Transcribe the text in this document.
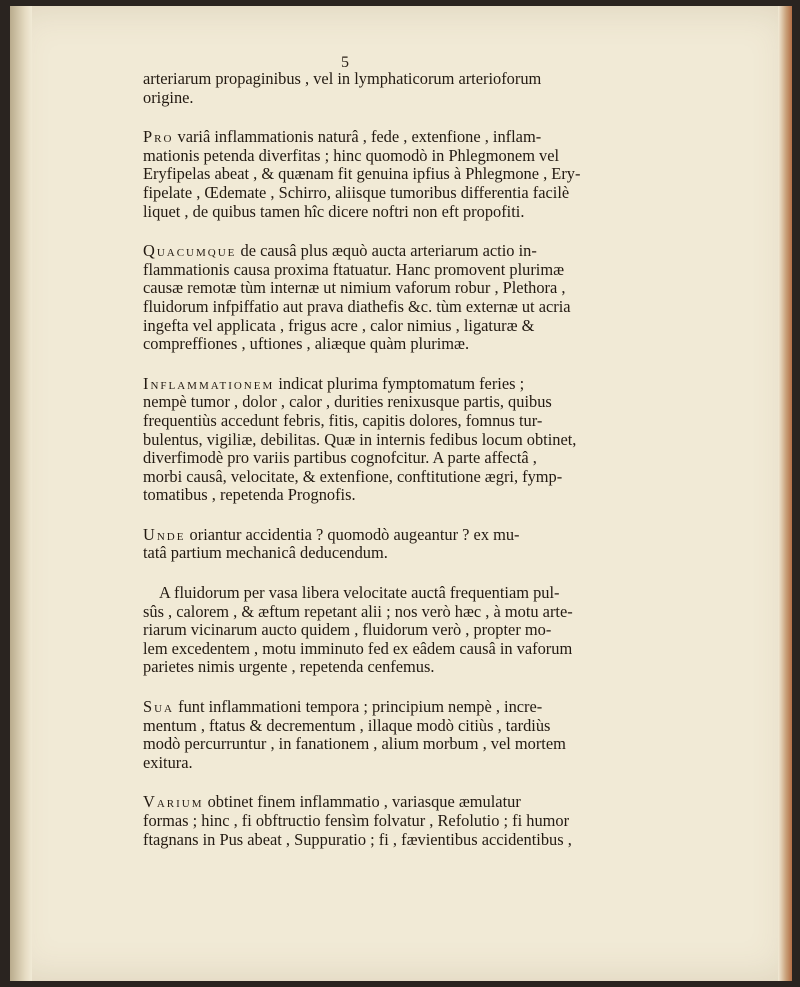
5

arteriarum propaginibus , vel in lymphaticorum arterioforum
origine.

Pro variâ inflammationis naturâ , fede , extenfione , inflam-
mationis petenda diverfitas ; hinc quomodò in Phlegmonem vel
Eryfipelas abeat , & quænam fit genuina ipfius à Phlegmone , Ery-
fipelate , Œdemate , Schirro, aliisque tumoribus differentia facilè
liquet , de quibus tamen hîc dicere noftri non eft propofiti.

Quacumque de causâ plus æquò aucta arteriarum actio in-
flammationis causa proxima ftatuatur. Hanc promovent plurimæ
causæ remotæ tùm internæ ut nimium vaforum robur , Plethora ,
fluidorum infpiffatio aut prava diathefis &c. tùm externæ ut acria
ingefta vel applicata , frigus acre , calor nimius , ligaturæ &
compreffiones , uftiones , aliæque quàm plurimæ.

Inflammationem indicat plurima fymptomatum feries ;
nempè tumor , dolor , calor , durities renixusque partis, quibus
frequentiùs accedunt febris, fitis, capitis dolores, fomnus tur-
bulentus, vigiliæ, debilitas. Quæ in internis fedibus locum obtinet,
diverfimodè pro variis partibus cognofcitur. A parte affectâ ,
morbi causâ, velocitate, & extenfione, conftitutione ægri, fymp-
tomatibus , repetenda Prognofis.

Unde oriantur accidentia ? quomodò augeantur ? ex mu-
tatâ partium mechanicâ deducendum.

A fluidorum per vasa libera velocitate auctâ frequentiam pul-
sûs , calorem , & æftum repetant alii ; nos verò hæc , à motu arte-
riarum vicinarum aucto quidem , fluidorum verò , propter mo-
lem excedentem , motu imminuto fed ex eâdem causâ in vaforum
parietes nimis urgente , repetenda cenfemus.

Sua funt inflammationi tempora ; principium nempè , incre-
mentum , ftatus & decrementum , illaque modò citiùs , tardiùs
modò percurruntur , in fanationem , alium morbum , vel mortem
exitura.

Varium obtinet finem inflammatio , variasque æmulatur
formas ; hinc , fi obftructio fensìm folvatur , Refolutio ; fi humor
ftagnans in Pus abeat , Suppuratio ; fi , fævientibus accidentibus ,
